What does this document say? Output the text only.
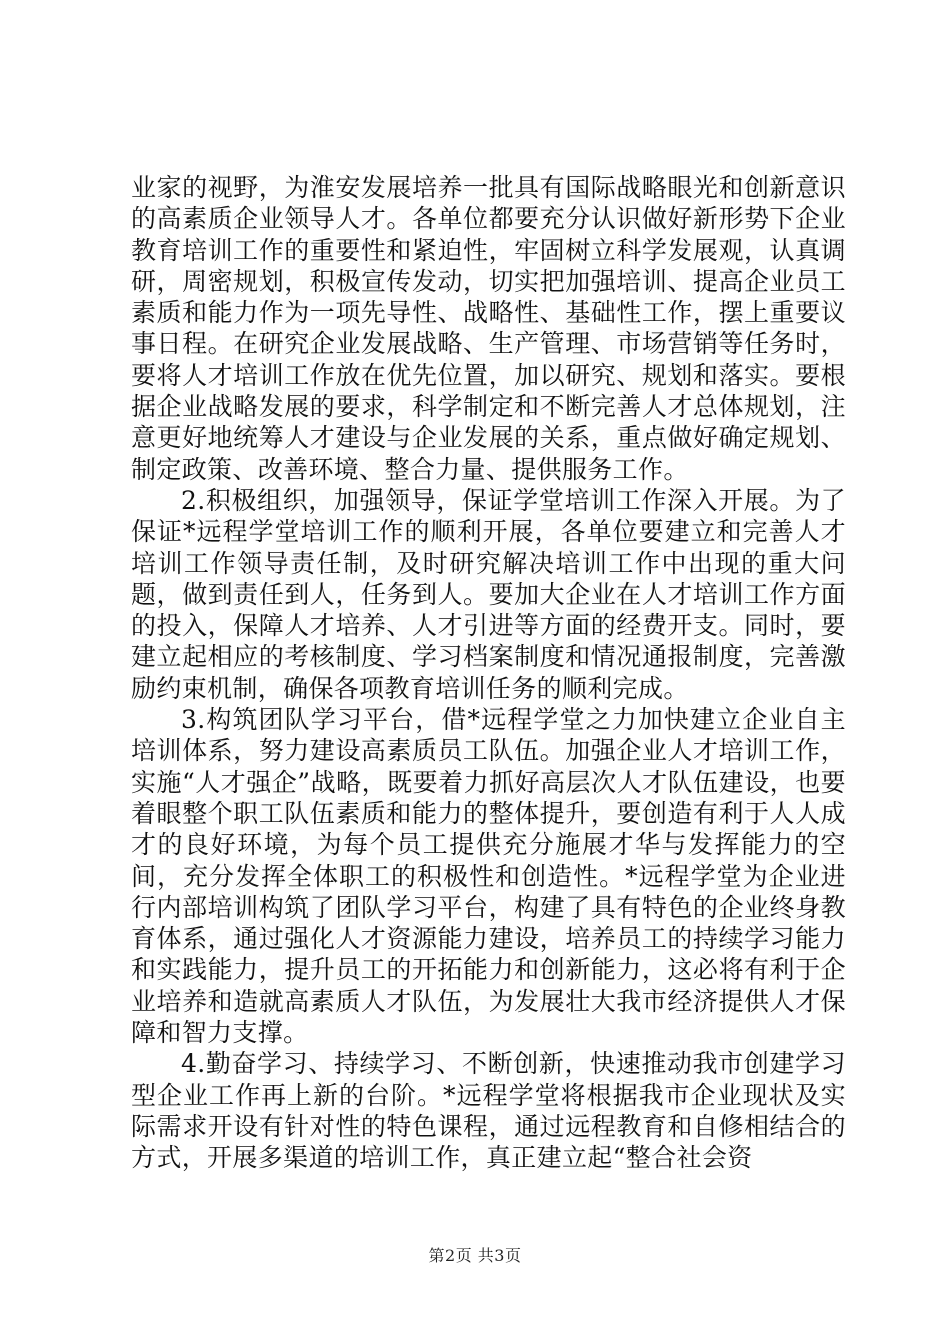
业家的视野，为淮安发展培养一批具有国际战略眼光和创新意识的高素质企业领导人才。各单位都要充分认识做好新形势下企业教育培训工作的重要性和紧迫性，牢固树立科学发展观，认真调研，周密规划，积极宣传发动，切实把加强培训、提高企业员工素质和能力作为一项先导性、战略性、基础性工作，摆上重要议事日程。在研究企业发展战略、生产管理、市场营销等任务时，要将人才培训工作放在优先位置，加以研究、规划和落实。要根据企业战略发展的要求，科学制定和不断完善人才总体规划，注意更好地统筹人才建设与企业发展的关系，重点做好确定规划、制定政策、改善环境、整合力量、提供服务工作。

2.积极组织，加强领导，保证学堂培训工作深入开展。为了保证*远程学堂培训工作的顺利开展，各单位要建立和完善人才培训工作领导责任制，及时研究解决培训工作中出现的重大问题，做到责任到人，任务到人。要加大企业在人才培训工作方面的投入，保障人才培养、人才引进等方面的经费开支。同时，要建立起相应的考核制度、学习档案制度和情况通报制度，完善激励约束机制，确保各项教育培训任务的顺利完成。

3.构筑团队学习平台，借*远程学堂之力加快建立企业自主培训体系，努力建设高素质员工队伍。加强企业人才培训工作，实施“人才强企”战略，既要着力抓好高层次人才队伍建设，也要着眼整个职工队伍素质和能力的整体提升，要创造有利于人人成才的良好环境，为每个员工提供充分施展才华与发挥能力的空间，充分发挥全体职工的积极性和创造性。*远程学堂为企业进行内部培训构筑了团队学习平台，构建了具有特色的企业终身教育体系，通过强化人才资源能力建设，培养员工的持续学习能力和实践能力，提升员工的开拓能力和创新能力，这必将有利于企业培养和造就高素质人才队伍，为发展壮大我市经济提供人才保障和智力支撑。

4.勤奋学习、持续学习、不断创新，快速推动我市创建学习型企业工作再上新的台阶。*远程学堂将根据我市企业现状及实际需求开设有针对性的特色课程，通过远程教育和自修相结合的方式，开展多渠道的培训工作，真正建立起“整合社会资

第2页 共3页
